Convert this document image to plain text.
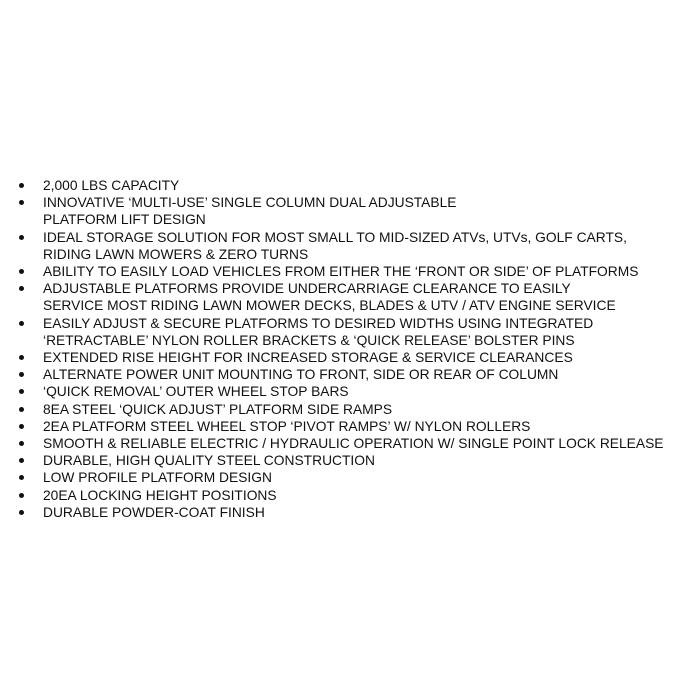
2,000 LBS CAPACITY
INNOVATIVE ‘MULTI-USE’ SINGLE COLUMN DUAL ADJUSTABLE
PLATFORM LIFT DESIGN
IDEAL STORAGE SOLUTION FOR MOST SMALL TO MID-SIZED ATVs, UTVs, GOLF CARTS,
RIDING LAWN MOWERS & ZERO TURNS
ABILITY TO EASILY LOAD VEHICLES FROM EITHER THE ‘FRONT OR SIDE’ OF PLATFORMS
ADJUSTABLE PLATFORMS PROVIDE UNDERCARRIAGE CLEARANCE TO EASILY
SERVICE MOST RIDING LAWN MOWER DECKS, BLADES & UTV / ATV ENGINE SERVICE
EASILY ADJUST & SECURE PLATFORMS TO DESIRED WIDTHS USING INTEGRATED
‘RETRACTABLE’ NYLON ROLLER BRACKETS & ‘QUICK RELEASE’ BOLSTER PINS
EXTENDED RISE HEIGHT FOR INCREASED STORAGE & SERVICE CLEARANCES
ALTERNATE POWER UNIT MOUNTING TO FRONT, SIDE OR REAR OF COLUMN
‘QUICK REMOVAL’ OUTER WHEEL STOP BARS
8EA STEEL ‘QUICK ADJUST’ PLATFORM SIDE RAMPS
2EA PLATFORM STEEL WHEEL STOP ‘PIVOT RAMPS’ W/ NYLON ROLLERS
SMOOTH & RELIABLE ELECTRIC / HYDRAULIC OPERATION W/ SINGLE POINT LOCK RELEASE
DURABLE, HIGH QUALITY STEEL CONSTRUCTION
LOW PROFILE PLATFORM DESIGN
20EA LOCKING HEIGHT POSITIONS
DURABLE POWDER-COAT FINISH
